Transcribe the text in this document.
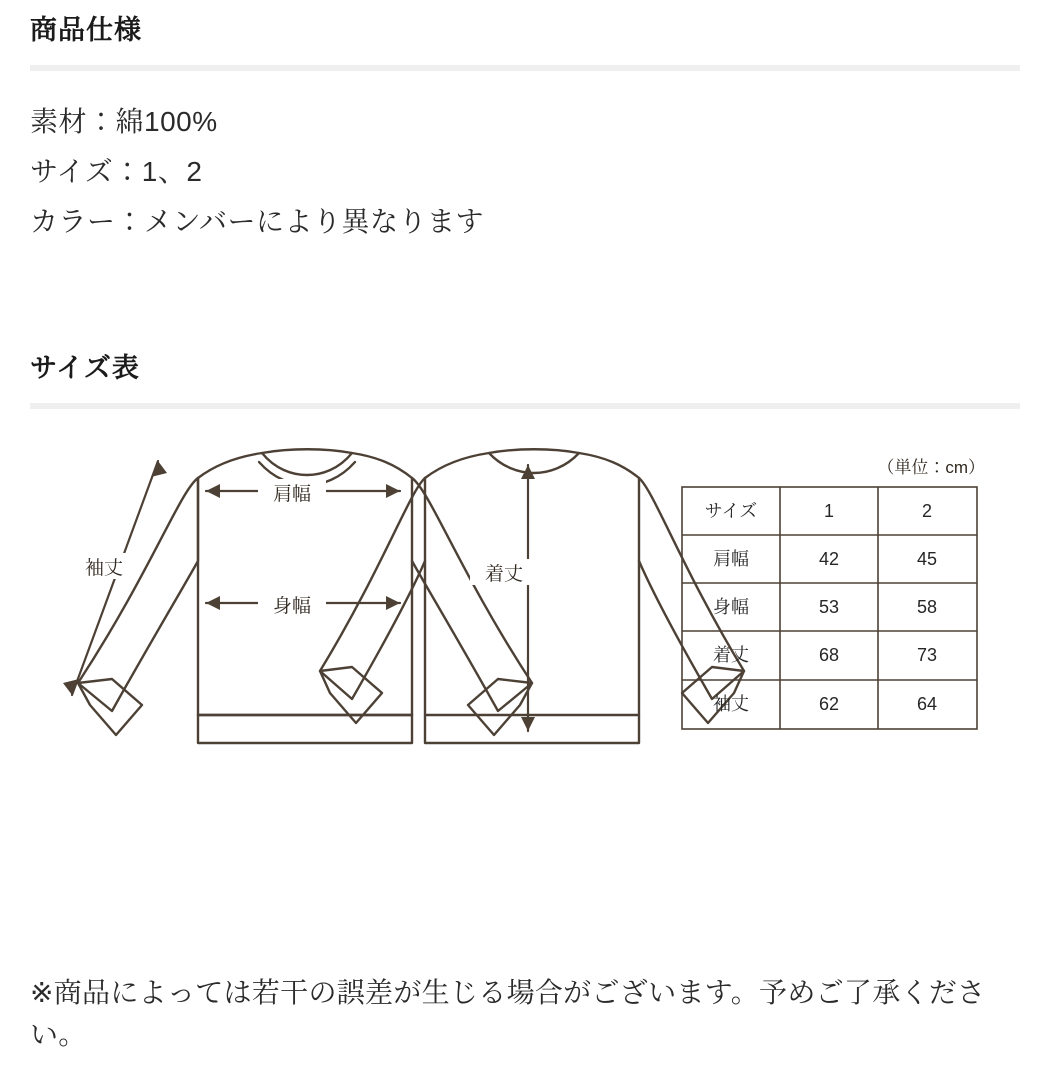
商品仕様
素材：綿100%
サイズ：1、2
カラー：メンバーにより異なります
サイズ表
袖丈
肩幅
身幅
着丈
（単位：cm）
サイズ	1	2
肩幅	42	45
身幅	53	58
着丈	68	73
袖丈	62	64
※商品によっては若干の誤差が生じる場合がございます。予めご了承ください。
